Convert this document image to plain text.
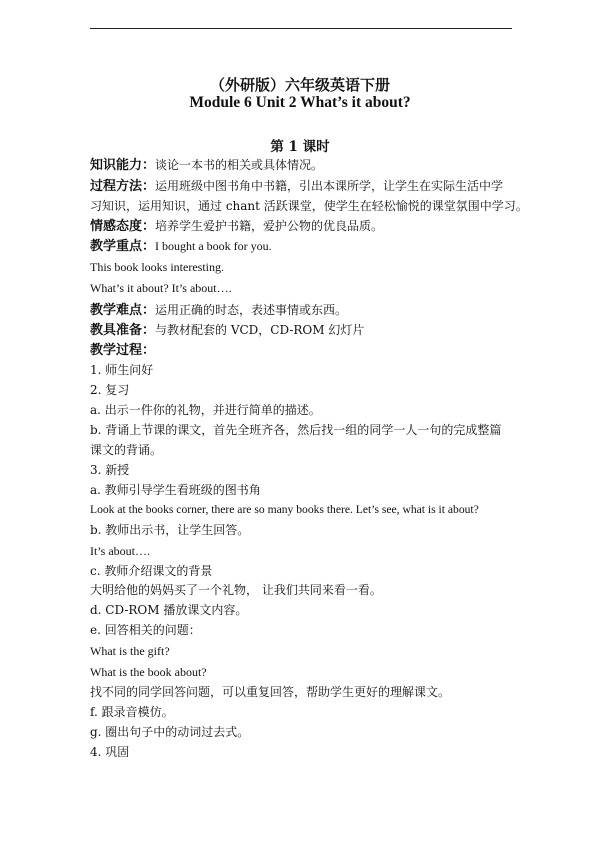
（外研版）六年级英语下册
Module 6 Unit 2 What’s it about?
第 1 课时
知识能力：谈论一本书的相关或具体情况。
过程方法：运用班级中图书角中书籍，引出本课所学，让学生在实际生活中学
习知识，运用知识，通过 chant 活跃课堂，使学生在轻松愉悦的课堂氛围中学习。
情感态度：培养学生爱护书籍，爱护公物的优良品质。
教学重点：I bought a book for you.
This book looks interesting.
What’s it about? It’s about….
教学难点：运用正确的时态，表述事情或东西。
教具准备：与教材配套的 VCD，CD-ROM 幻灯片
教学过程：
1. 师生问好
2. 复习
a. 出示一件你的礼物，并进行简单的描述。
b. 背诵上节课的课文，首先全班齐各，然后找一组的同学一人一句的完成整篇
课文的背诵。
3. 新授
a. 教师引导学生看班级的图书角
Look at the books corner, there are so many books there. Let’s see, what is it about?
b. 教师出示书，让学生回答。
It’s about….
c. 教师介绍课文的背景
大明给他的妈妈买了一个礼物， 让我们共同来看一看。
d. CD-ROM 播放课文内容。
e. 回答相关的问题：
What is the gift?
What is the book about?
找不同的同学回答问题，可以重复回答，帮助学生更好的理解课文。
f. 跟录音模仿。
g. 圈出句子中的动词过去式。
4. 巩固
